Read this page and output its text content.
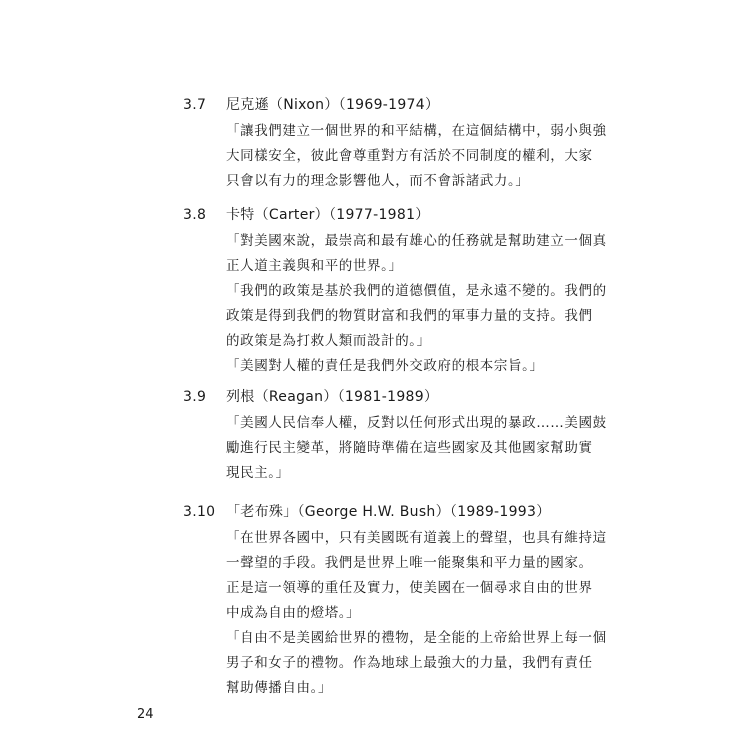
3.7 尼克遜（Nixon）（1969-1974）
「讓我們建立一個世界的和平結構，在這個結構中，弱小與強
大同樣安全，彼此會尊重對方有活於不同制度的權利，大家
只會以有力的理念影響他人，而不會訴諸武力。」
3.8 卡特（Carter）（1977-1981）
「對美國來說，最崇高和最有雄心的任務就是幫助建立一個真
正人道主義與和平的世界。」
「我們的政策是基於我們的道德價值，是永遠不變的。我們的
政策是得到我們的物質財富和我們的軍事力量的支持。我們
的政策是為打救人類而設計的。」
「美國對人權的責任是我們外交政府的根本宗旨。」
3.9 列根（Reagan）（1981-1989）
「美國人民信奉人權，反對以任何形式出現的暴政……美國鼓
勵進行民主變革，將隨時準備在這些國家及其他國家幫助實
現民主。」
3.10 「老布殊」（George H.W. Bush）（1989-1993）
「在世界各國中，只有美國既有道義上的聲望，也具有維持這
一聲望的手段。我們是世界上唯一能聚集和平力量的國家。
正是這一領導的重任及實力，使美國在一個尋求自由的世界
中成為自由的燈塔。」
「自由不是美國給世界的禮物，是全能的上帝給世界上每一個
男子和女子的禮物。作為地球上最強大的力量，我們有責任
幫助傳播自由。」
24
